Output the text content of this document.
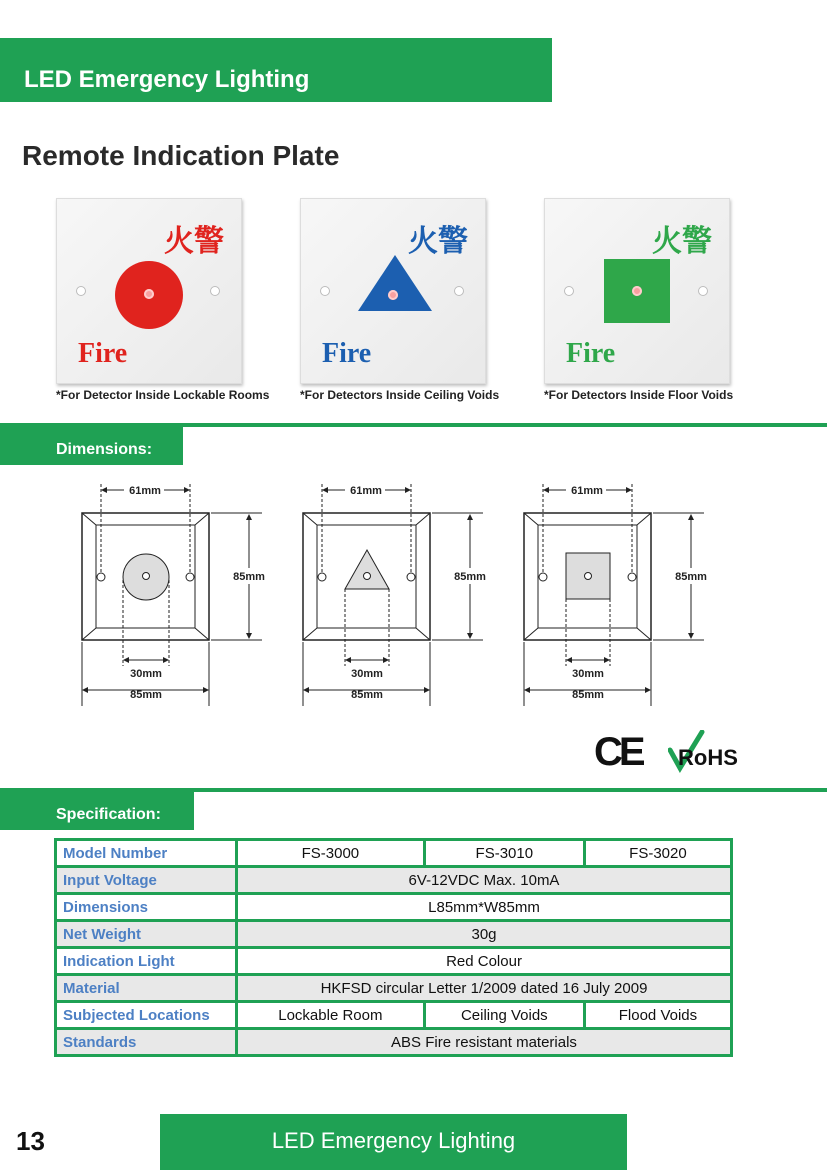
LED Emergency Lighting
Remote Indication Plate
火警
Fire
*For Detector Inside Lockable Rooms
火警
Fire
*For Detectors Inside Ceiling Voids
火警
Fire
*For Detectors Inside Floor Voids
Dimensions:
61mm	61mm	61mm
85mm	85mm	85mm
30mm	30mm	30mm
85mm	85mm	85mm
CE RoHS
Specification:
Model Number	FS-3000	FS-3010	FS-3020
Input Voltage	6V-12VDC Max. 10mA		
Dimensions	L85mm*W85mm		
Net Weight	30g		
Indication Light	Red Colour		
Material	HKFSD circular Letter 1/2009 dated 16 July 2009		
Subjected Locations	Lockable Room	Ceiling Voids	Flood Voids
Standards	ABS Fire resistant materials		
13	LED Emergency Lighting
